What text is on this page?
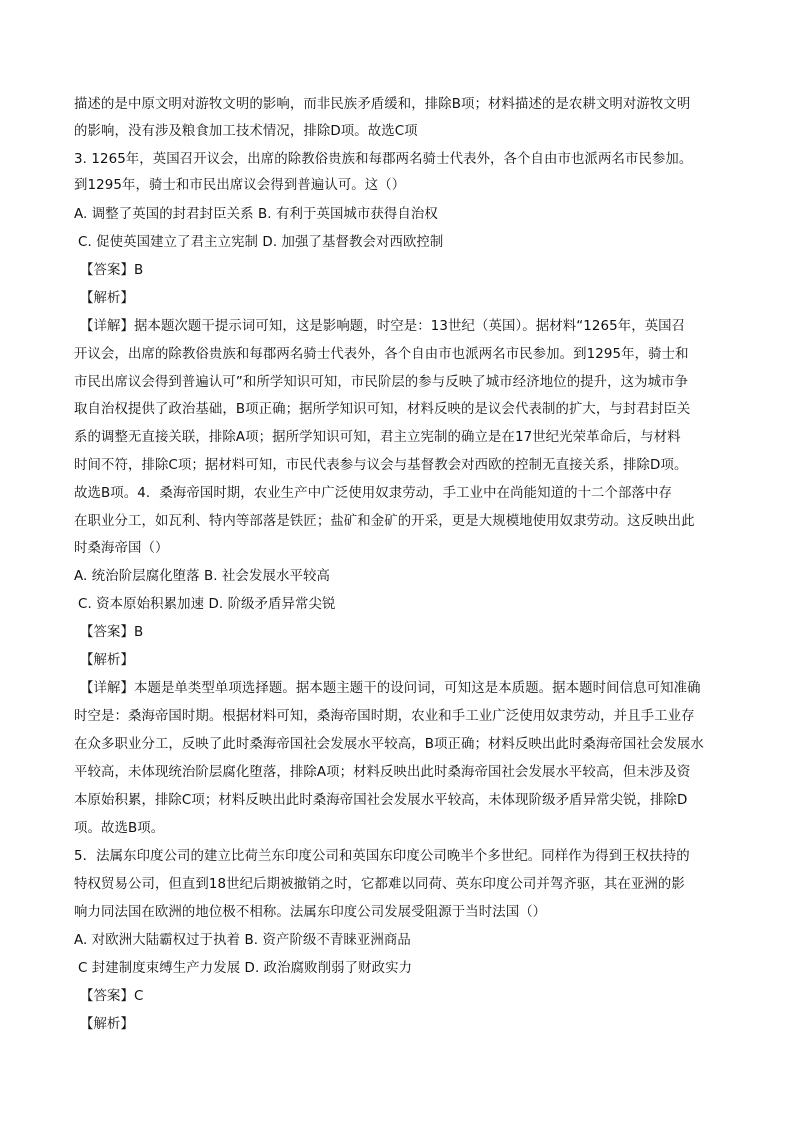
描述的是中原文明对游牧文明的影响，而非民族矛盾缓和，排除B项；材料描述的是农耕文明对游牧文明
的影响，没有涉及粮食加工技术情况，排除D项。故选C项
3. 1265年，英国召开议会，出席的除教俗贵族和每郡两名骑士代表外，各个自由市也派两名市民参加。
到1295年，骑士和市民出席议会得到普遍认可。这（）
A. 调整了英国的封君封臣关系 B. 有利于英国城市获得自治权
C. 促使英国建立了君主立宪制 D. 加强了基督教会对西欧控制
【答案】B
【解析】
【详解】据本题次题干提示词可知，这是影响题，时空是：13世纪（英国）。据材料“1265年，英国召
开议会，出席的除教俗贵族和每郡两名骑士代表外，各个自由市也派两名市民参加。到1295年，骑士和
市民出席议会得到普遍认可”和所学知识可知，市民阶层的参与反映了城市经济地位的提升，这为城市争
取自治权提供了政治基础，B项正确；据所学知识可知，材料反映的是议会代表制的扩大，与封君封臣关
系的调整无直接关联，排除A项；据所学知识可知，君主立宪制的确立是在17世纪光荣革命后，与材料
时间不符，排除C项；据材料可知，市民代表参与议会与基督教会对西欧的控制无直接关系，排除D项。
故选B项。4．桑海帝国时期，农业生产中广泛使用奴隶劳动，手工业中在尚能知道的十二个部落中存
在职业分工，如瓦利、特内等部落是铁匠；盐矿和金矿的开采，更是大规模地使用奴隶劳动。这反映出此
时桑海帝国（）
A. 统治阶层腐化堕落 B. 社会发展水平较高
C. 资本原始积累加速 D. 阶级矛盾异常尖锐
【答案】B
【解析】
【详解】本题是单类型单项选择题。据本题主题干的设问词，可知这是本质题。据本题时间信息可知准确
时空是：桑海帝国时期。根据材料可知，桑海帝国时期，农业和手工业广泛使用奴隶劳动，并且手工业存
在众多职业分工，反映了此时桑海帝国社会发展水平较高，B项正确；材料反映出此时桑海帝国社会发展水
平较高，未体现统治阶层腐化堕落，排除A项；材料反映出此时桑海帝国社会发展水平较高，但未涉及资
本原始积累，排除C项；材料反映出此时桑海帝国社会发展水平较高，未体现阶级矛盾异常尖锐，排除D
项。故选B项。
5．法属东印度公司的建立比荷兰东印度公司和英国东印度公司晚半个多世纪。同样作为得到王权扶持的
特权贸易公司，但直到18世纪后期被撤销之时，它都难以同荷、英东印度公司并驾齐驱，其在亚洲的影
响力同法国在欧洲的地位极不相称。法属东印度公司发展受阻源于当时法国（）
A. 对欧洲大陆霸权过于执着 B. 资产阶级不青睐亚洲商品
C 封建制度束缚生产力发展 D. 政治腐败削弱了财政实力
【答案】C
【解析】
